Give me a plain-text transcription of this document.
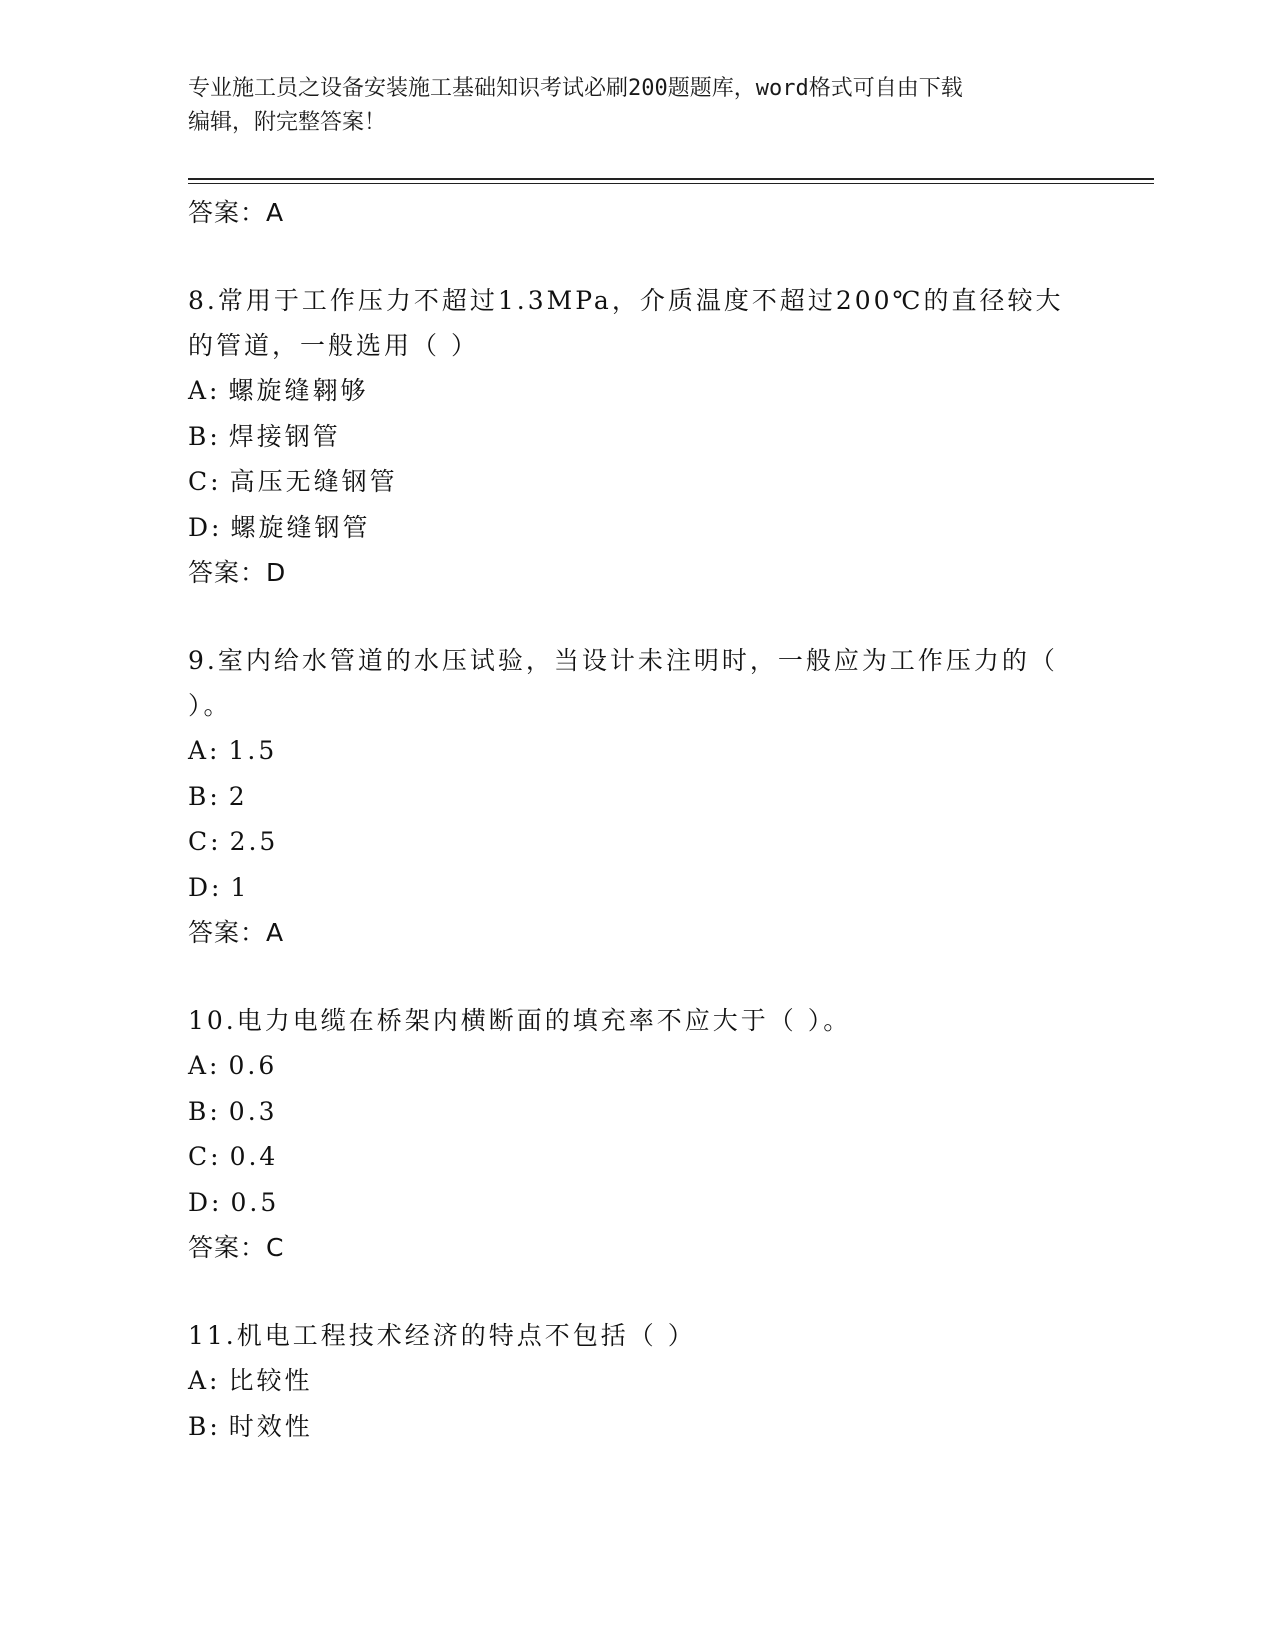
专业施工员之设备安装施工基础知识考试必刷200题题库，word格式可自由下载
编辑，附完整答案！
答案：A
8.常用于工作压力不超过1.3MPa，介质温度不超过200℃的直径较大的管道，一般选用（ ）
A: 螺旋缝翱够
B: 焊接钢管
C: 高压无缝钢管
D: 螺旋缝钢管
答案：D
9.室内给水管道的水压试验，当设计未注明时，一般应为工作压力的（ ）。
A: 1.5
B: 2
C: 2.5
D: 1
答案：A
10.电力电缆在桥架内横断面的填充率不应大于（ ）。
A: 0.6
B: 0.3
C: 0.4
D: 0.5
答案：C
11.机电工程技术经济的特点不包括（ ）
A: 比较性
B: 时效性
